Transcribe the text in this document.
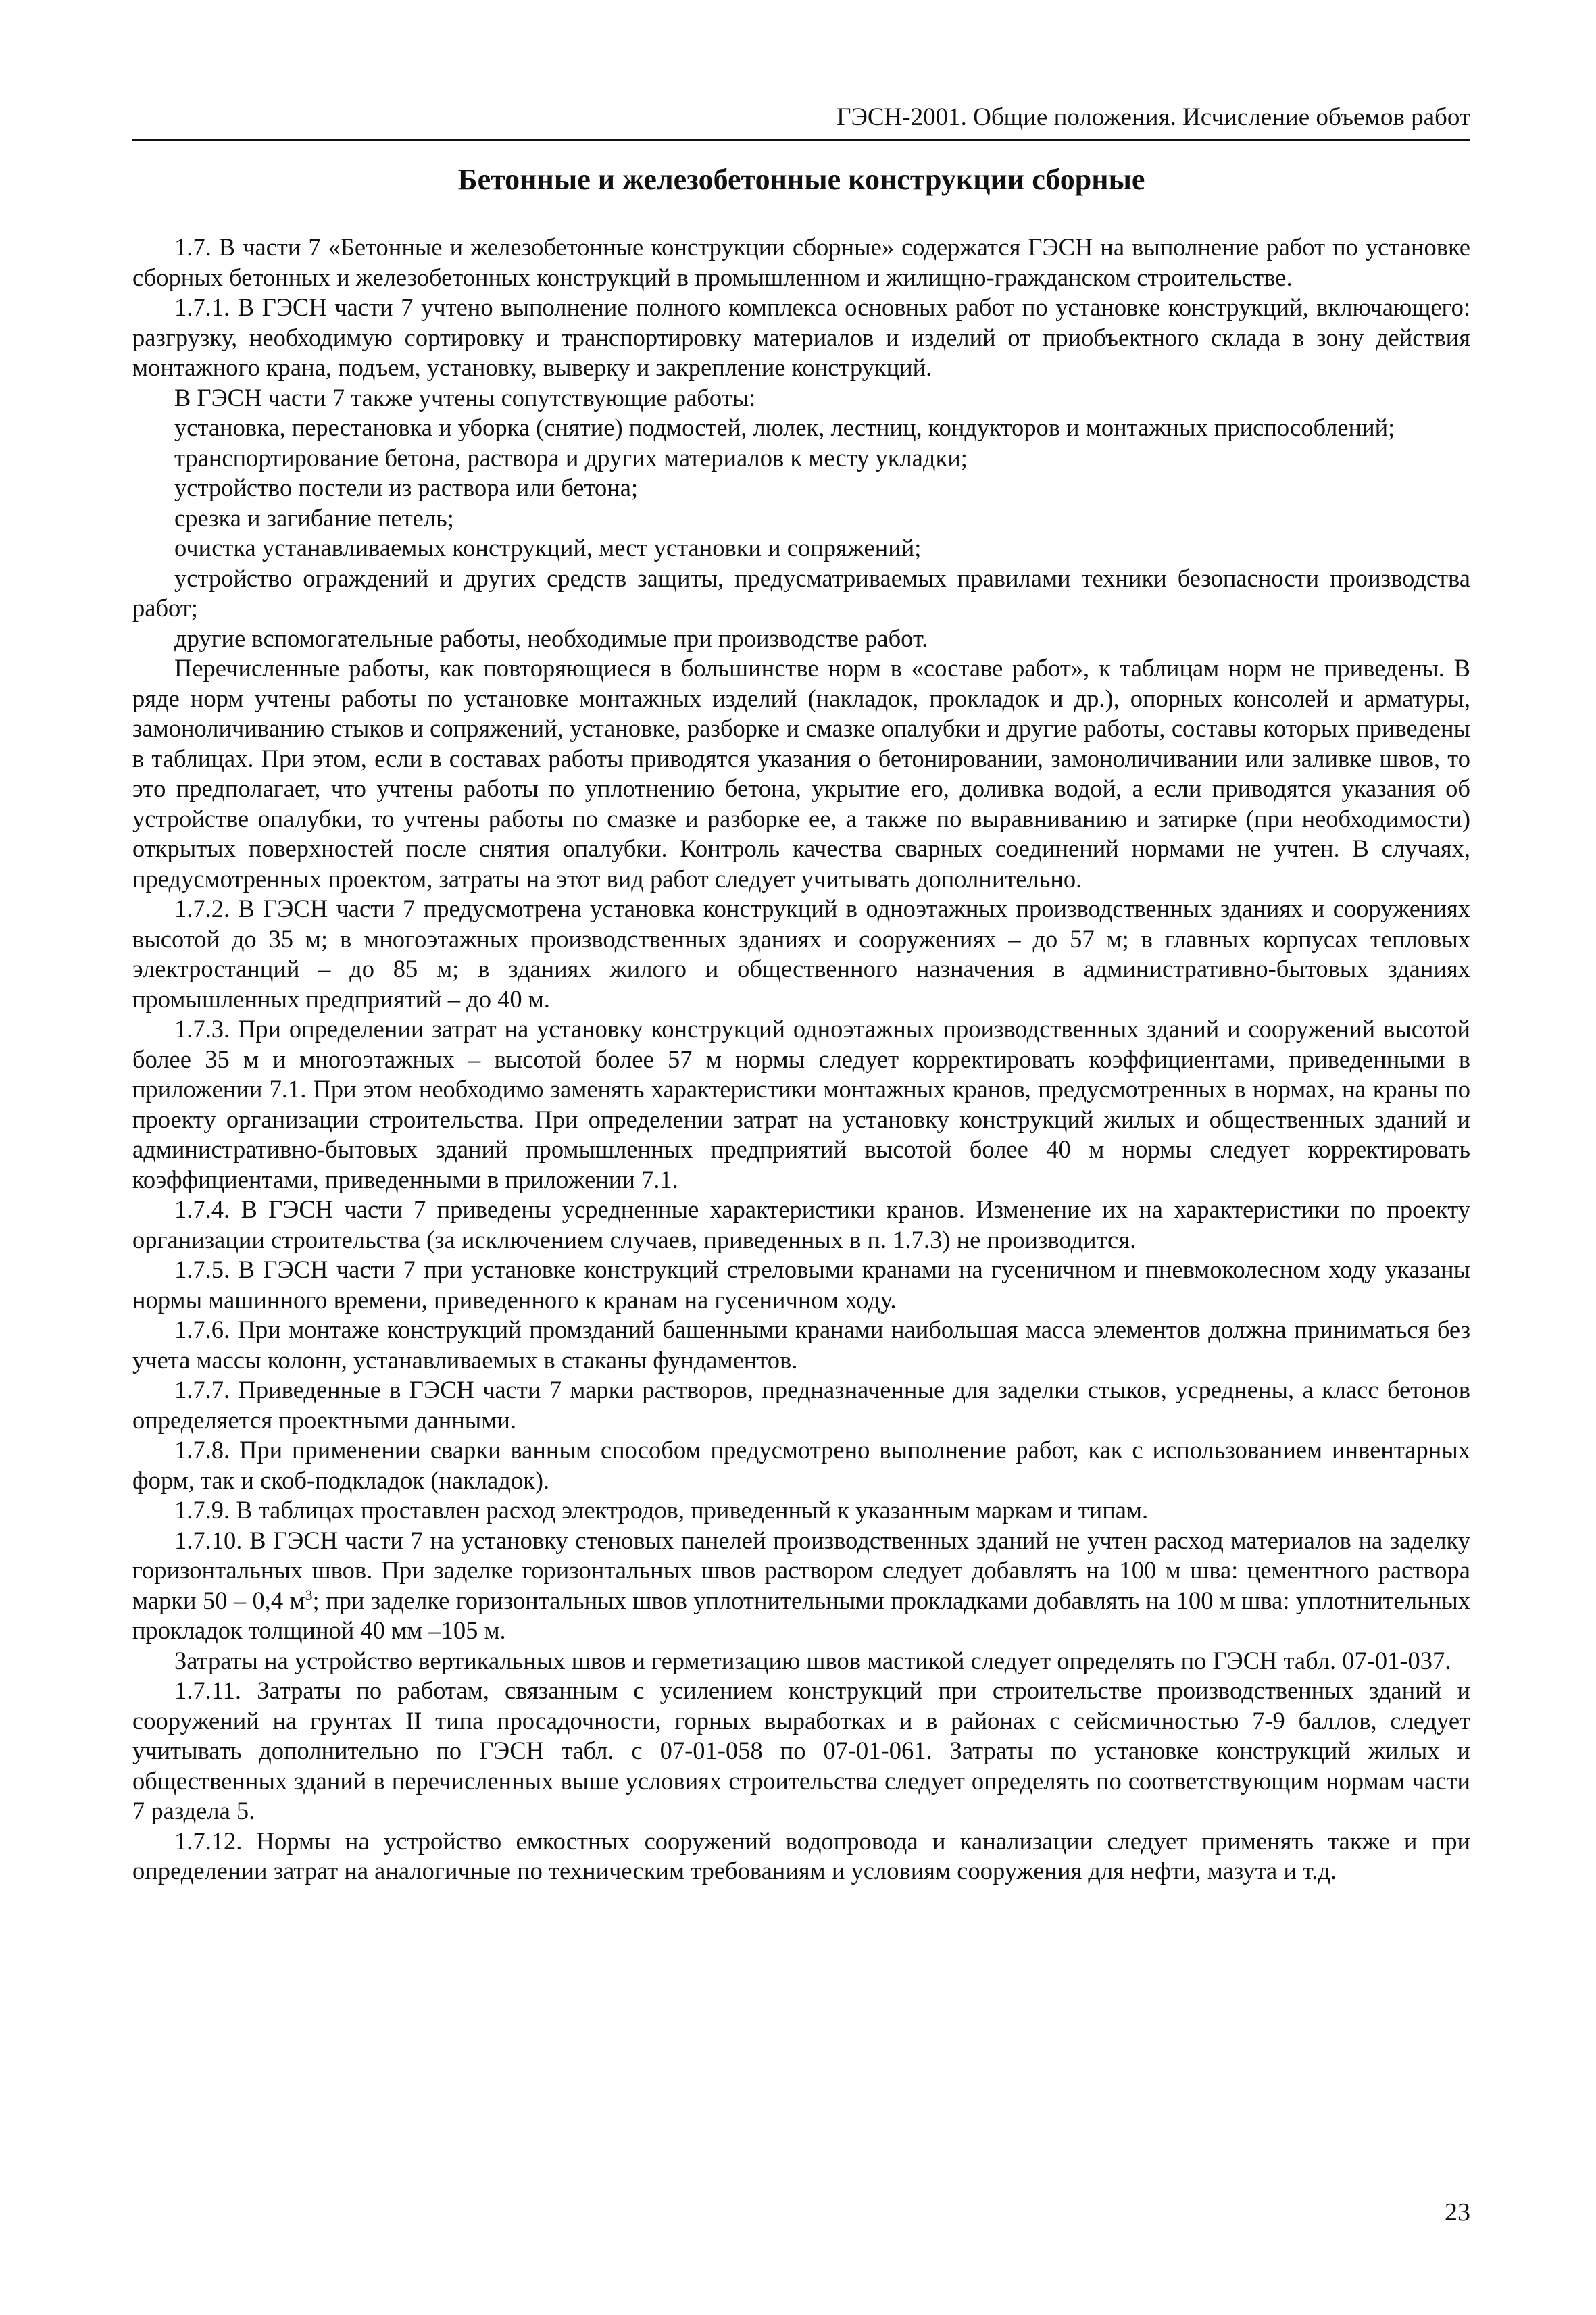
ГЭСН-2001. Общие положения. Исчисление объемов работ
Бетонные и железобетонные конструкции сборные

1.7. В части 7 «Бетонные и железобетонные конструкции сборные» содержатся ГЭСН на выполнение работ по установке сборных бетонных и железобетонных конструкций в промышленном и жилищно-гражданском строительстве.

1.7.1. В ГЭСН части 7 учтено выполнение полного комплекса основных работ по установке конструкций, включающего: разгрузку, необходимую сортировку и транспортировку материалов и изделий от приобъектного склада в зону действия монтажного крана, подъем, установку, выверку и закрепление конструкций.

В ГЭСН части 7 также учтены сопутствующие работы:

установка, перестановка и уборка (снятие) подмостей, люлек, лестниц, кондукторов и монтажных приспособлений;

транспортирование бетона, раствора и других материалов к месту укладки;

устройство постели из раствора или бетона;

срезка и загибание петель;

очистка устанавливаемых конструкций, мест установки и сопряжений;

устройство ограждений и других средств защиты, предусматриваемых правилами техники безопасности производства работ;

другие вспомогательные работы, необходимые при производстве работ.

Перечисленные работы, как повторяющиеся в большинстве норм в «составе работ», к таблицам норм не приведены. В ряде норм учтены работы по установке монтажных изделий (накладок, прокладок и др.), опорных консолей и арматуры, замоноличиванию стыков и сопряжений, установке, разборке и смазке опалубки и другие работы, составы которых приведены в таблицах. При этом, если в составах работы приводятся указания о бетонировании, замоноличивании или заливке швов, то это предполагает, что учтены работы по уплотнению бетона, укрытие его, доливка водой, а если приводятся указания об устройстве опалубки, то учтены работы по смазке и разборке ее, а также по выравниванию и затирке (при необходимости) открытых поверхностей после снятия опалубки. Контроль качества сварных соединений нормами не учтен. В случаях, предусмотренных проектом, затраты на этот вид работ следует учитывать дополнительно.

1.7.2. В ГЭСН части 7 предусмотрена установка конструкций в одноэтажных производственных зданиях и сооружениях высотой до 35 м; в многоэтажных производственных зданиях и сооружениях – до 57 м; в главных корпусах тепловых электростанций – до 85 м; в зданиях жилого и общественного назначения в административно-бытовых зданиях промышленных предприятий – до 40 м.

1.7.3. При определении затрат на установку конструкций одноэтажных производственных зданий и сооружений высотой более 35 м и многоэтажных – высотой более 57 м нормы следует корректировать коэффициентами, приведенными в приложении 7.1. При этом необходимо заменять характеристики монтажных кранов, предусмотренных в нормах, на краны по проекту организации строительства. При определении затрат на установку конструкций жилых и общественных зданий и административно-бытовых зданий промышленных предприятий высотой более 40 м нормы следует корректировать коэффициентами, приведенными в приложении 7.1.

1.7.4. В ГЭСН части 7 приведены усредненные характеристики кранов. Изменение их на характеристики по проекту организации строительства (за исключением случаев, приведенных в п. 1.7.3) не производится.

1.7.5. В ГЭСН части 7 при установке конструкций стреловыми кранами на гусеничном и пневмоколесном ходу указаны нормы машинного времени, приведенного к кранам на гусеничном ходу.

1.7.6. При монтаже конструкций промзданий башенными кранами наибольшая масса элементов должна приниматься без учета массы колонн, устанавливаемых в стаканы фундаментов.

1.7.7. Приведенные в ГЭСН части 7 марки растворов, предназначенные для заделки стыков, усреднены, а класс бетонов определяется проектными данными.

1.7.8. При применении сварки ванным способом предусмотрено выполнение работ, как с использованием инвентарных форм, так и скоб-подкладок (накладок).

1.7.9. В таблицах проставлен расход электродов, приведенный к указанным маркам и типам.

1.7.10. В ГЭСН части 7 на установку стеновых панелей производственных зданий не учтен расход материалов на заделку горизонтальных швов. При заделке горизонтальных швов раствором следует добавлять на 100 м шва: цементного раствора марки 50 – 0,4 $м^3$; при заделке горизонтальных швов уплотнительными прокладками добавлять на 100 м шва: уплотнительных прокладок толщиной 40 мм –105 м.

Затраты на устройство вертикальных швов и герметизацию швов мастикой следует определять по ГЭСН табл. 07-01-037.

1.7.11. Затраты по работам, связанным с усилением конструкций при строительстве производственных зданий и сооружений на грунтах II типа просадочности, горных выработках и в районах с сейсмичностью 7-9 баллов, следует учитывать дополнительно по ГЭСН табл. с 07-01-058 по 07-01-061. Затраты по установке конструкций жилых и общественных зданий в перечисленных выше условиях строительства следует определять по соответствующим нормам части 7 раздела 5.

1.7.12. Нормы на устройство емкостных сооружений водопровода и канализации следует применять также и при определении затрат на аналогичные по техническим требованиям и условиям сооружения для нефти, мазута и т.д.

23
